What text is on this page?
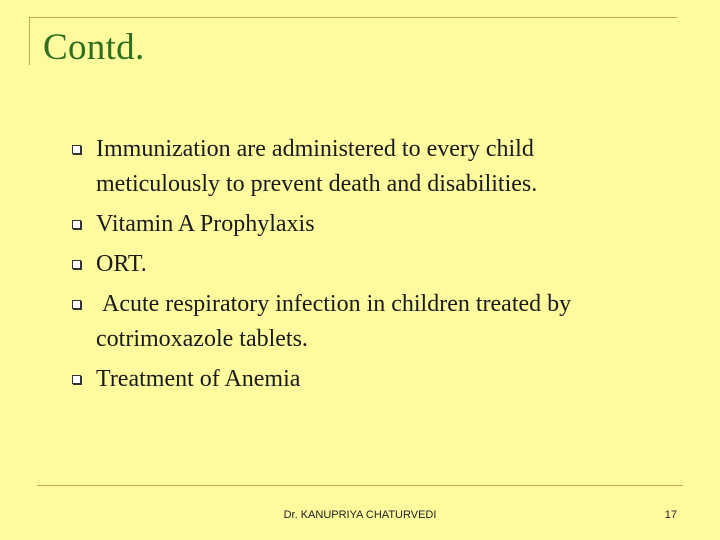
Contd.
Immunization are administered to every child meticulously to prevent death and disabilities.
Vitamin A Prophylaxis
ORT.
Acute respiratory infection in children treated by cotrimoxazole tablets.
Treatment of Anemia
Dr. KANUPRIYA CHATURVEDI	17
